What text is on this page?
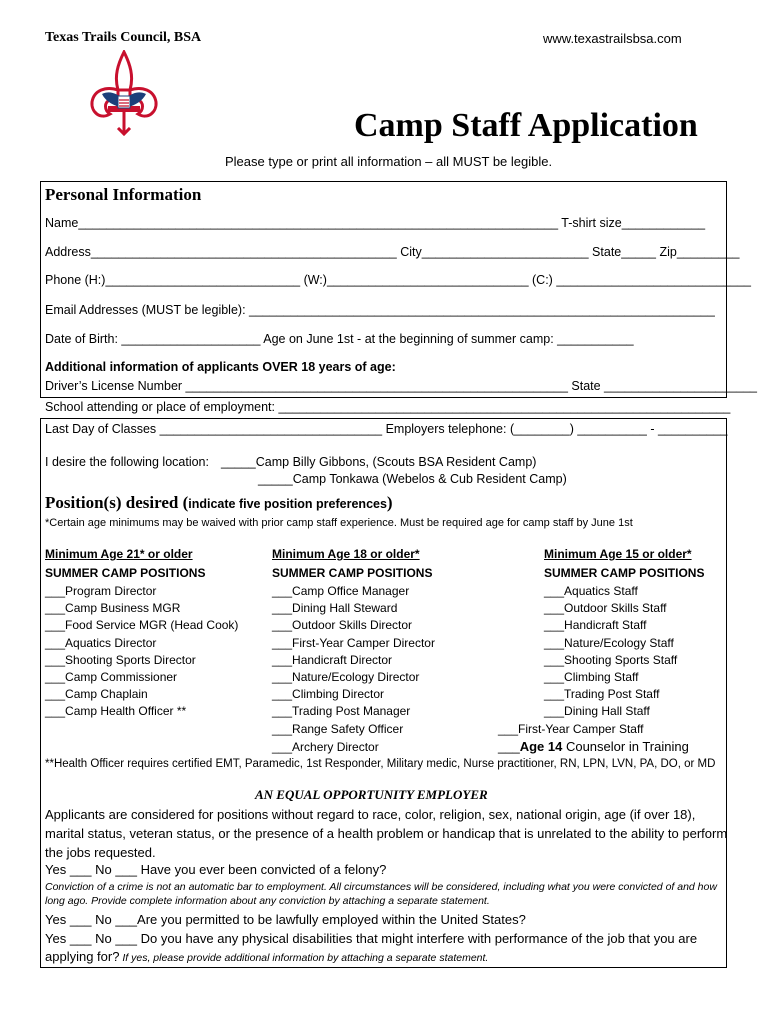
Texas Trails Council, BSA	www.texastrailsbsa.com
Camp Staff Application
Please type or print all information – all MUST be legible.
Personal Information
Name_____________________________________________________________________ T-shirt size____________
Address____________________________________________ City________________________ State_____ Zip_________
Phone (H:)____________________________ (W:)_____________________________ (C:) ____________________________
Email Addresses (MUST be legible): ___________________________________________________________________
Date of Birth: ____________________ Age on June 1st - at the beginning of summer camp: ___________
Additional information of applicants OVER 18 years of age:
Driver’s License Number _______________________________________________________ State ______________________
School attending or place of employment: _________________________________________________________________
Last Day of Classes ________________________________ Employers telephone: (________) __________ - __________
I desire the following location: _____Camp Billy Gibbons, (Scouts BSA Resident Camp)
_____Camp Tonkawa (Webelos & Cub Resident Camp)
Position(s) desired (indicate five position preferences)
*Certain age minimums may be waived with prior camp staff experience. Must be required age for camp staff by June 1st
Minimum Age 21* or older
SUMMER CAMP POSITIONS
___Program Director
___Camp Business MGR
___Food Service MGR (Head Cook)
___Aquatics Director
___Shooting Sports Director
___Camp Commissioner
___Camp Chaplain
___Camp Health Officer **
Minimum Age 18 or older*
SUMMER CAMP POSITIONS
___Camp Office Manager
___Dining Hall Steward
___Outdoor Skills Director
___First-Year Camper Director
___Handicraft Director
___Nature/Ecology Director
___Climbing Director
___Trading Post Manager
___Range Safety Officer
___Archery Director
Minimum Age 15 or older*
SUMMER CAMP POSITIONS
___Aquatics Staff
___Outdoor Skills Staff
___Handicraft Staff
___Nature/Ecology Staff
___Shooting Sports Staff
___Climbing Staff
___Trading Post Staff
___Dining Hall Staff
___First-Year Camper Staff
___Age 14 Counselor in Training
**Health Officer requires certified EMT, Paramedic, 1st Responder, Military medic, Nurse practitioner, RN, LPN, LVN, PA, DO, or MD
AN EQUAL OPPORTUNITY EMPLOYER
Applicants are considered for positions without regard to race, color, religion, sex, national origin, age (if over 18),
marital status, veteran status, or the presence of a health problem or handicap that is unrelated to the ability to perform
the jobs requested.
Yes ___ No ___ Have you ever been convicted of a felony?
Conviction of a crime is not an automatic bar to employment. All circumstances will be considered, including what you were convicted of and how
long ago. Provide complete information about any conviction by attaching a separate statement.
Yes ___ No ___Are you permitted to be lawfully employed within the United States?
Yes ___ No ___ Do you have any physical disabilities that might interfere with performance of the job that you are
applying for? If yes, please provide additional information by attaching a separate statement.
